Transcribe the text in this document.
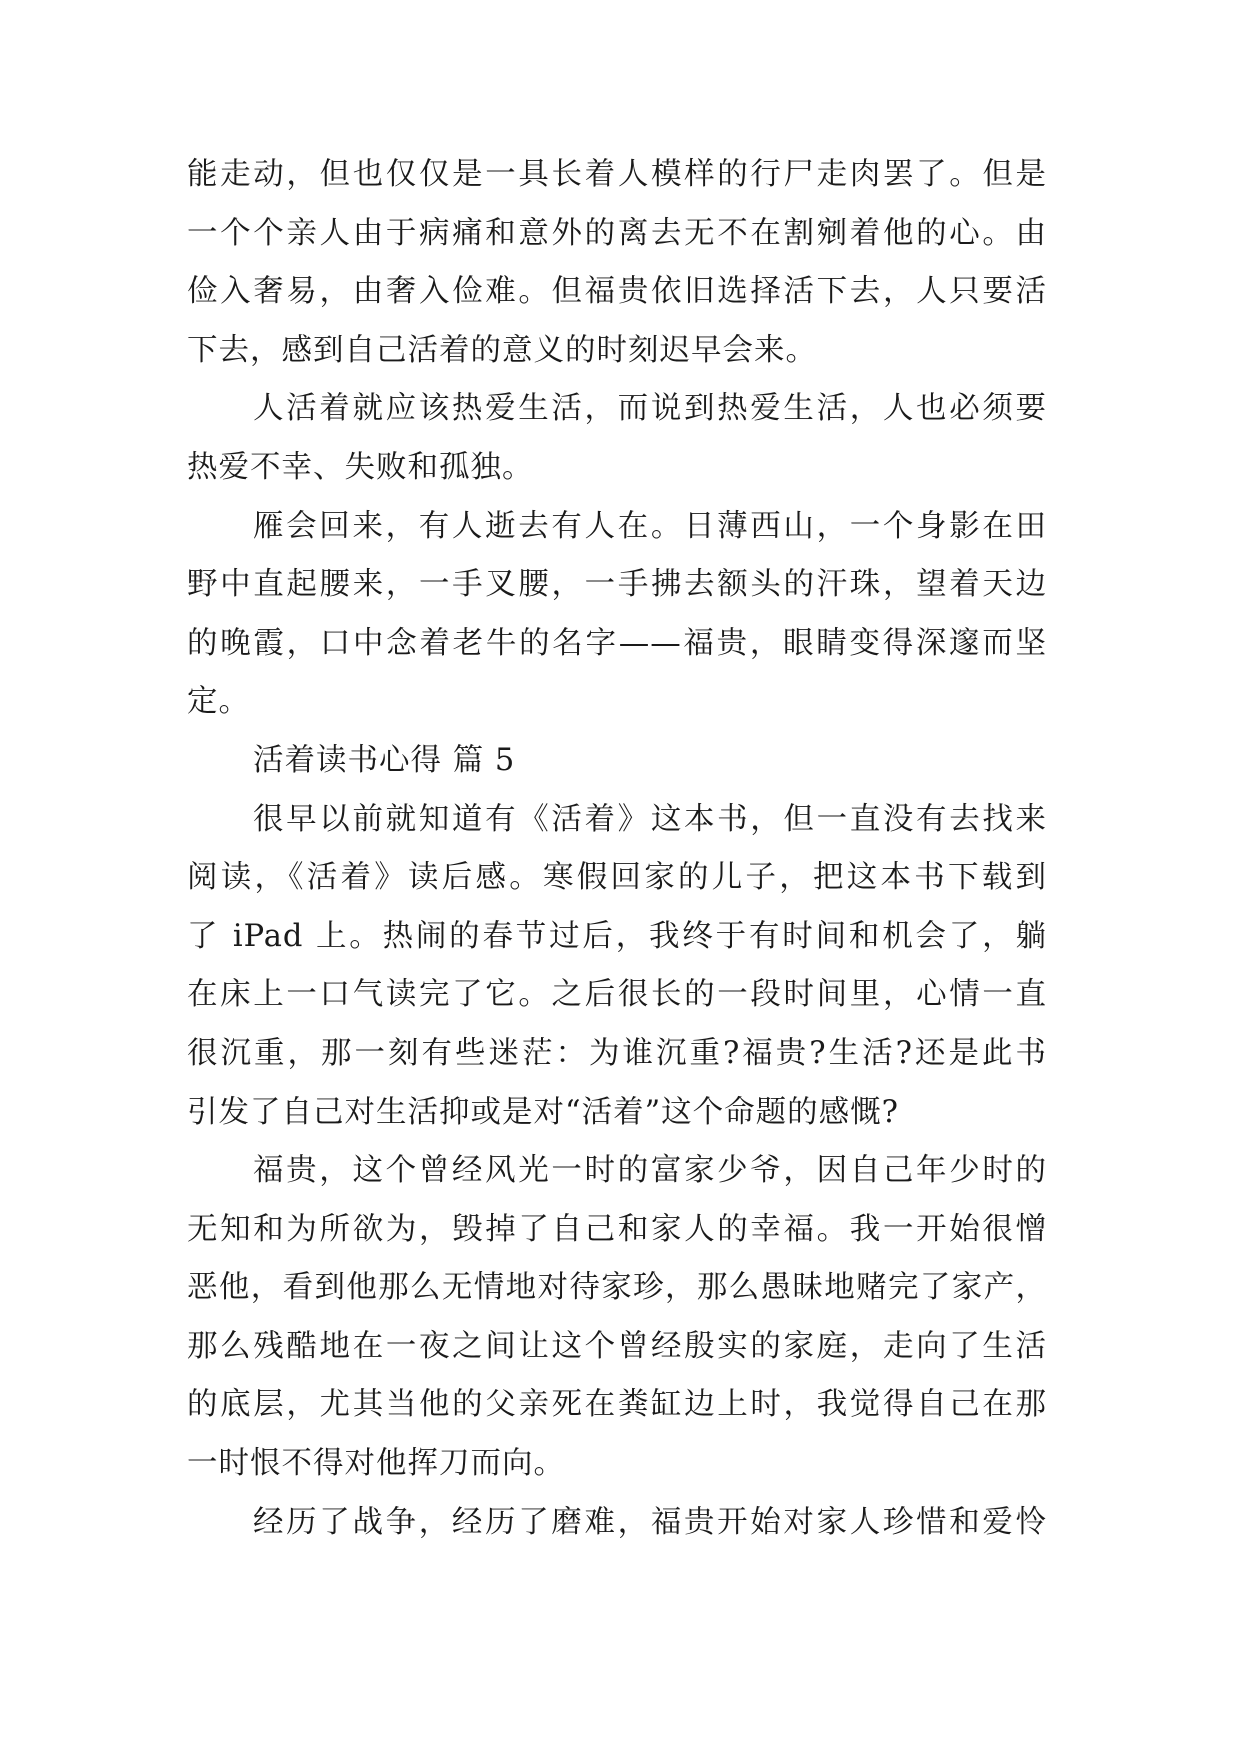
能走动，但也仅仅是一具长着人模样的行尸走肉罢了。但是
一个个亲人由于病痛和意外的离去无不在割剜着他的心。由
俭入奢易，由奢入俭难。但福贵依旧选择活下去，人只要活
下去，感到自己活着的意义的时刻迟早会来。
人活着就应该热爱生活，而说到热爱生活，人也必须要
热爱不幸、失败和孤独。
雁会回来，有人逝去有人在。日薄西山，一个身影在田
野中直起腰来，一手叉腰，一手拂去额头的汗珠，望着天边
的晚霞，口中念着老牛的名字——福贵，眼睛变得深邃而坚
定。
活着读书心得 篇 5
很早以前就知道有《活着》这本书，但一直没有去找来
阅读，《活着》读后感。寒假回家的儿子，把这本书下载到
了 iPad 上。热闹的春节过后，我终于有时间和机会了，躺
在床上一口气读完了它。之后很长的一段时间里，心情一直
很沉重，那一刻有些迷茫：为谁沉重?福贵?生活?还是此书
引发了自己对生活抑或是对“活着”这个命题的感慨?
福贵，这个曾经风光一时的富家少爷，因自己年少时的
无知和为所欲为，毁掉了自己和家人的幸福。我一开始很憎
恶他，看到他那么无情地对待家珍，那么愚昧地赌完了家产，
那么残酷地在一夜之间让这个曾经殷实的家庭，走向了生活
的底层，尤其当他的父亲死在粪缸边上时，我觉得自己在那
一时恨不得对他挥刀而向。
经历了战争，经历了磨难，福贵开始对家人珍惜和爱怜
